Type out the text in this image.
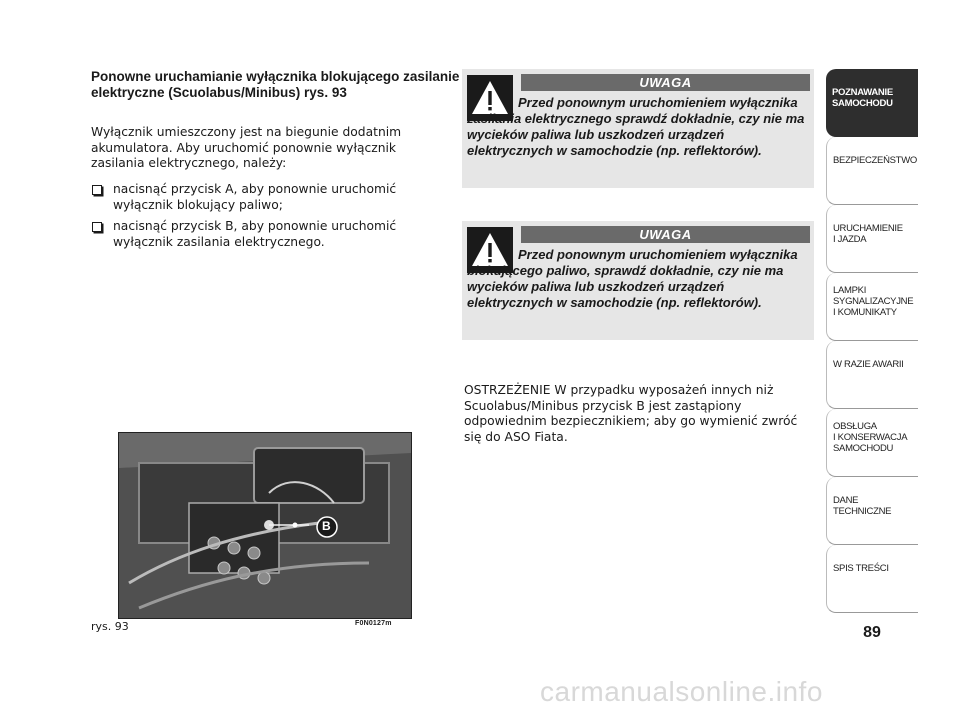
Ponowne uruchamianie wyłącznika blokującego zasilanie elektryczne (Scuolabus/Minibus) rys. 93

Wyłącznik umieszczony jest na biegunie dodatnim akumulatora. Aby uruchomić ponownie wyłącznik zasilania elektrycznego, należy:

nacisnąć przycisk A, aby ponownie uruchomić wyłącznik blokujący paliwo;
nacisnąć przycisk B, aby ponownie uruchomić wyłącznik zasilania elektrycznego.
B
rys. 93	F0N0127m
UWAGA

Przed ponownym uruchomieniem wyłącznika zasilania elektrycznego sprawdź dokładnie, czy nie ma wycieków paliwa lub uszkodzeń urządzeń elektrycznych w samochodzie (np. reflektorów).

UWAGA

Przed ponownym uruchomieniem wyłącznika blokującego paliwo, sprawdź dokładnie, czy nie ma wycieków paliwa lub uszkodzeń urządzeń elektrycznych w samochodzie (np. reflektorów).

OSTRZEŻENIE W przypadku wyposażeń innych niż Scuolabus/Minibus przycisk B jest zastąpiony odpowiednim bezpiecznikiem; aby go wymienić zwróć się do ASO Fiata.

POZNAWANIE
SAMOCHODU
BEZPIECZEŃSTWO
URUCHAMIENIE
I JAZDA
LAMPKI
SYGNALIZACYJNE
I KOMUNIKATY
W RAZIE AWARII
OBSŁUGA
I KONSERWACJA
SAMOCHODU
DANE TECHNICZNE
SPIS TREŚCI
89
carmanualsonline.info
